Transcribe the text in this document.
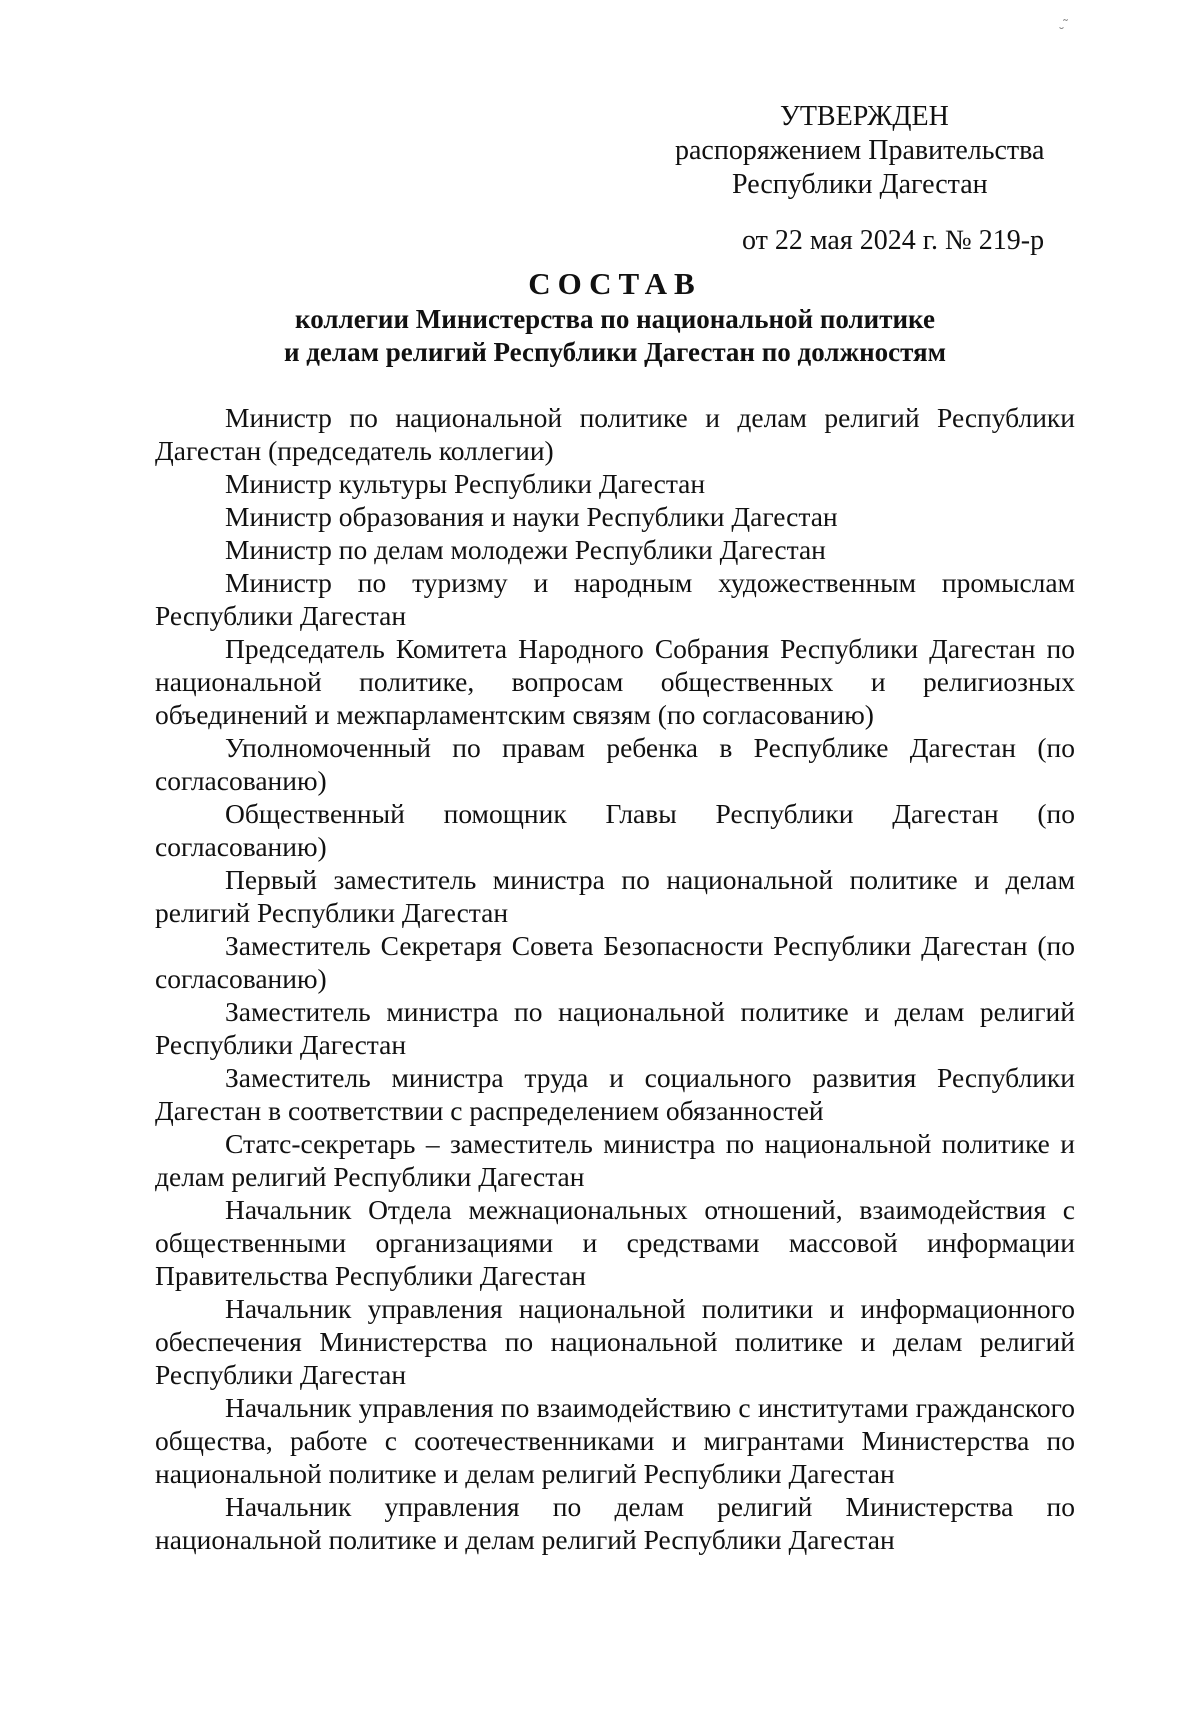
УТВЕРЖДЕН
распоряжением Правительства
Республики Дагестан
от 22 мая 2024 г. № 219-р
СОСТАВ
коллегии Министерства по национальной политике
и делам религий Республики Дагестан по должностям
Министр по национальной политике и делам религий Республики Дагестан (председатель коллегии)
Министр культуры Республики Дагестан
Министр образования и науки Республики Дагестан
Министр по делам молодежи Республики Дагестан
Министр по туризму и народным художественным промыслам Республики Дагестан
Председатель Комитета Народного Собрания Республики Дагестан по национальной политике, вопросам общественных и религиозных объединений и межпарламентским связям (по согласованию)
Уполномоченный по правам ребенка в Республике Дагестан (по согласованию)
Общественный помощник Главы Республики Дагестан (по согласованию)
Первый заместитель министра по национальной политике и делам религий Республики Дагестан
Заместитель Секретаря Совета Безопасности Республики Дагестан (по согласованию)
Заместитель министра по национальной политике и делам религий Республики Дагестан
Заместитель министра труда и социального развития Республики Дагестан в соответствии с распределением обязанностей
Статс-секретарь – заместитель министра по национальной политике и делам религий Республики Дагестан
Начальник Отдела межнациональных отношений, взаимодействия с общественными организациями и средствами массовой информации Правительства Республики Дагестан
Начальник управления национальной политики и информационного обеспечения Министерства по национальной политике и делам религий Республики Дагестан
Начальник управления по взаимодействию с институтами гражданского общества, работе с соотечественниками и мигрантами Министерства по национальной политике и делам религий Республики Дагестан
Начальник управления по делам религий Министерства по национальной политике и делам религий Республики Дагестан
˜
˘
